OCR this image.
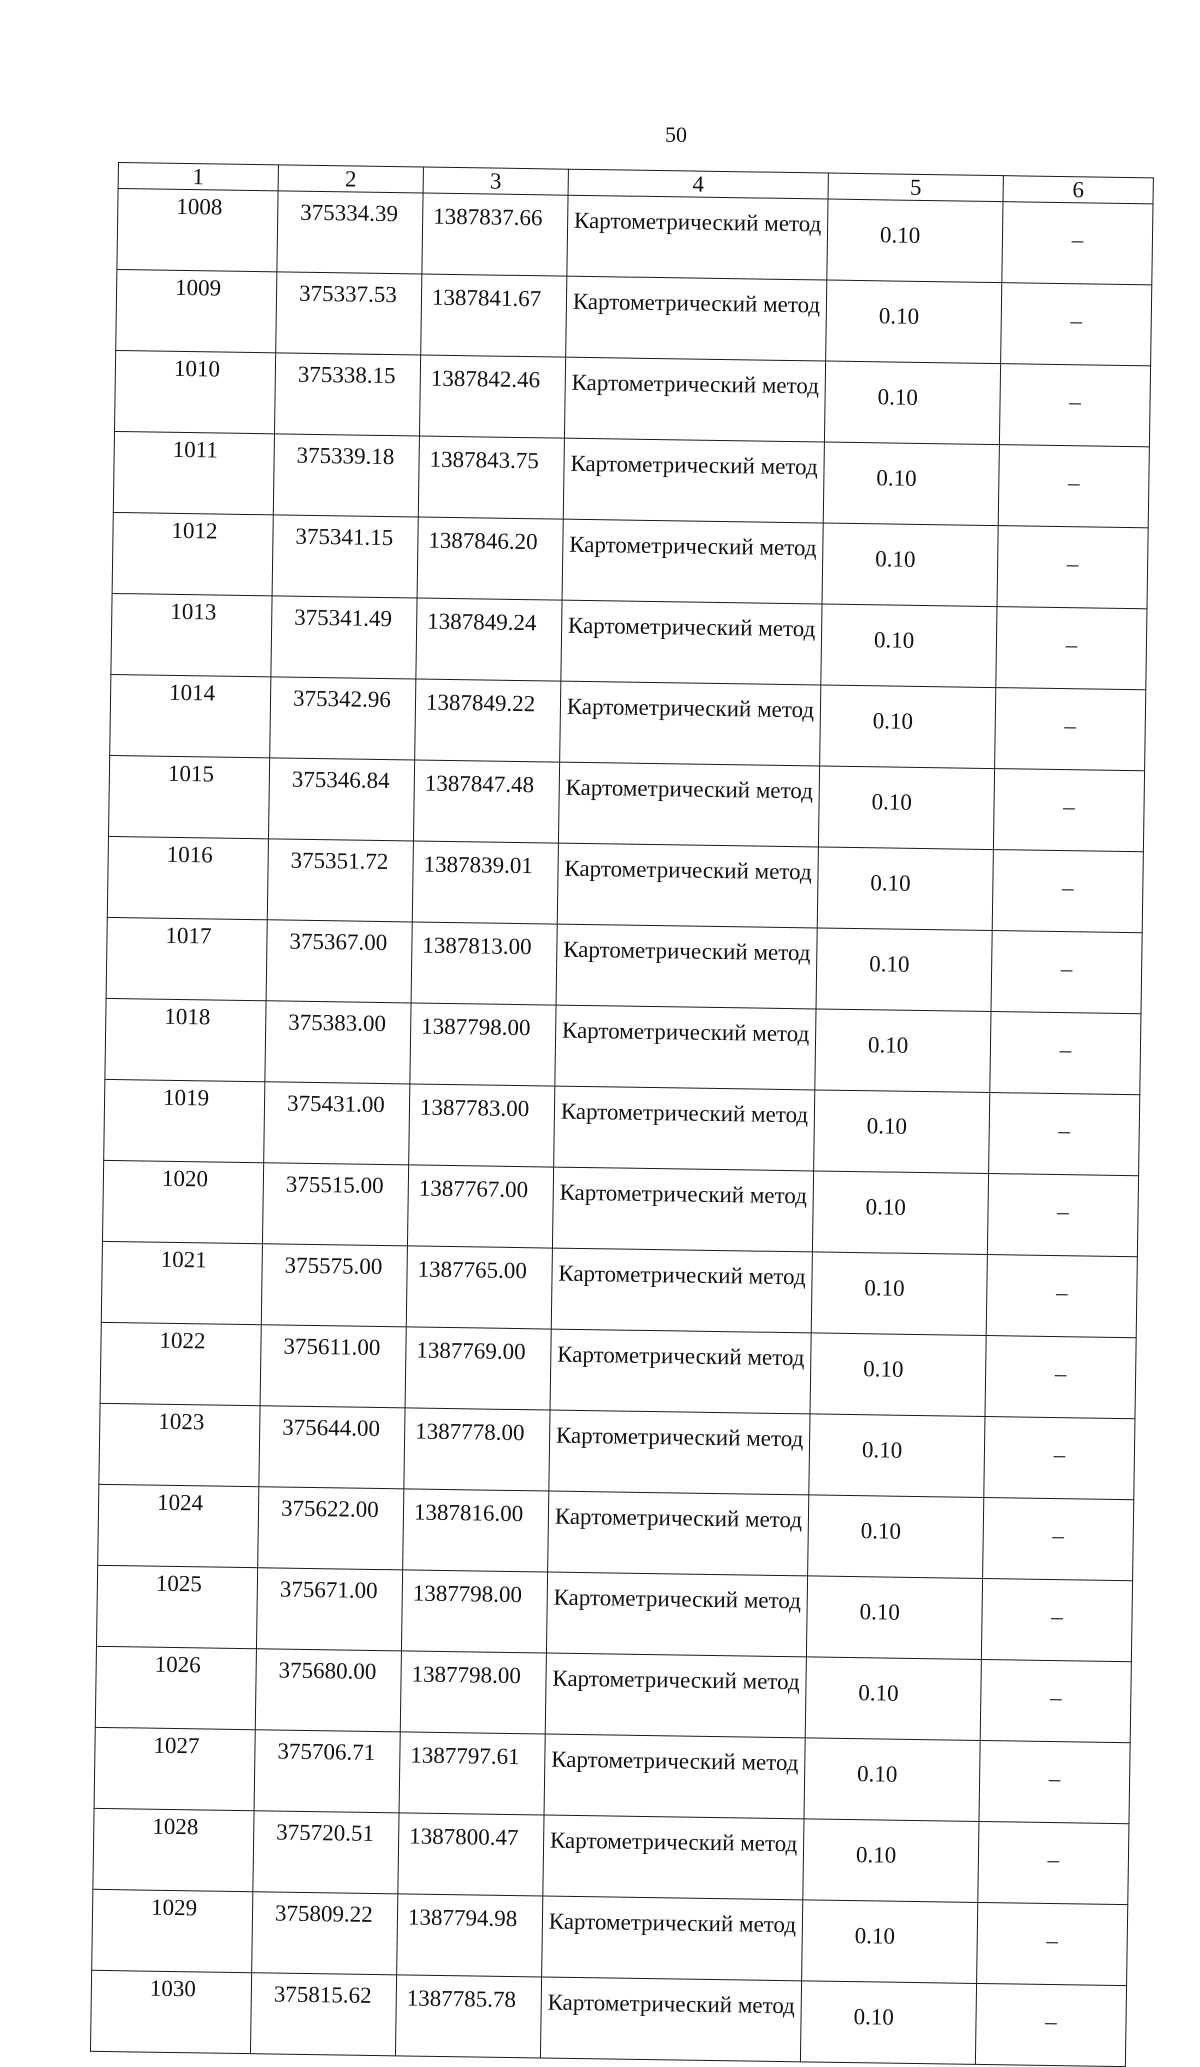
50
1	2	3	4	5	6
1008	375334.39	1387837.66	Картометрический метод	0.10	–
1009	375337.53	1387841.67	Картометрический метод	0.10	–
1010	375338.15	1387842.46	Картометрический метод	0.10	–
1011	375339.18	1387843.75	Картометрический метод	0.10	–
1012	375341.15	1387846.20	Картометрический метод	0.10	–
1013	375341.49	1387849.24	Картометрический метод	0.10	–
1014	375342.96	1387849.22	Картометрический метод	0.10	–
1015	375346.84	1387847.48	Картометрический метод	0.10	–
1016	375351.72	1387839.01	Картометрический метод	0.10	–
1017	375367.00	1387813.00	Картометрический метод	0.10	–
1018	375383.00	1387798.00	Картометрический метод	0.10	–
1019	375431.00	1387783.00	Картометрический метод	0.10	–
1020	375515.00	1387767.00	Картометрический метод	0.10	–
1021	375575.00	1387765.00	Картометрический метод	0.10	–
1022	375611.00	1387769.00	Картометрический метод	0.10	–
1023	375644.00	1387778.00	Картометрический метод	0.10	–
1024	375622.00	1387816.00	Картометрический метод	0.10	–
1025	375671.00	1387798.00	Картометрический метод	0.10	–
1026	375680.00	1387798.00	Картометрический метод	0.10	–
1027	375706.71	1387797.61	Картометрический метод	0.10	–
1028	375720.51	1387800.47	Картометрический метод	0.10	–
1029	375809.22	1387794.98	Картометрический метод	0.10	–
1030	375815.62	1387785.78	Картометрический метод	0.10	–
